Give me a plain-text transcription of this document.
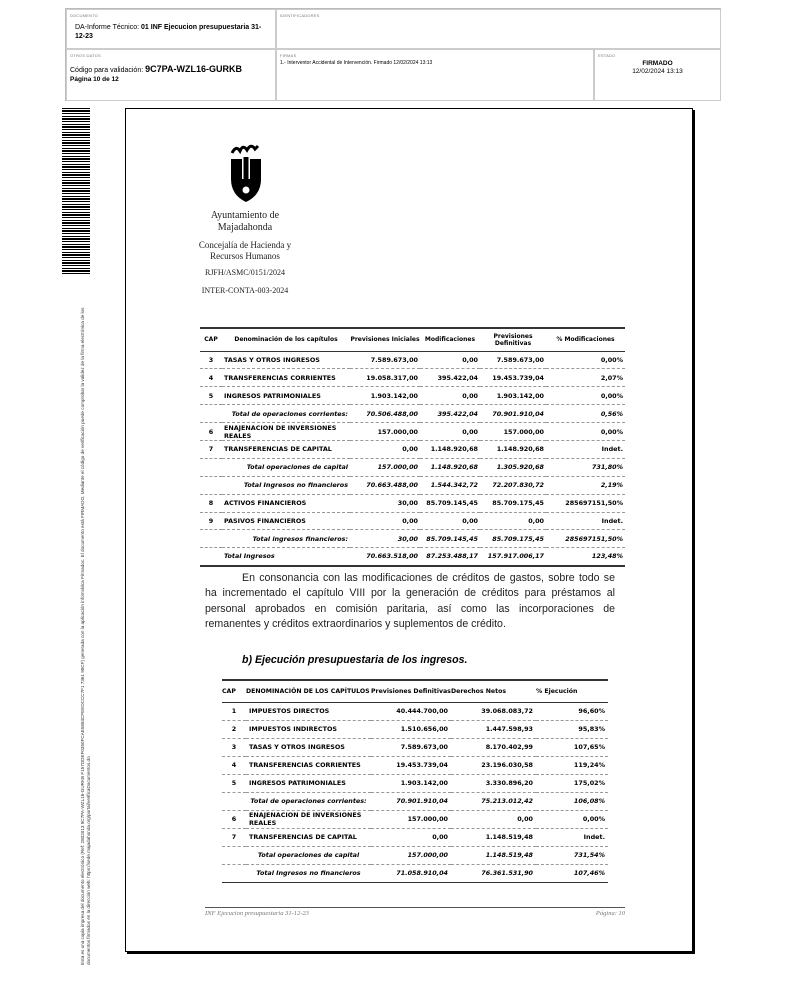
DOCUMENTO
DA-Informe Técnico: 01 INF Ejecucion presupuestaria 31-12-23
IDENTIFICADORES
OTROS DATOS
Código para validación: 9C7PA-WZL16-GURKB
Página 10 de 12
FIRMAS
1.- Interventor Accidental de Intervención. Firmado 12/02/2024 13:13
ESTADO
FIRMADO
12/02/2024 13:13
Esta es una copia impresa del documento electrónico (Ref: 2802013 9C7PA-WZL16-GURKB F157DDEF0350FCAE5884CFEEDCCC7F1 7361 98CF) generada con la aplicación informática Firmadoc. El documento está FIRMADO. Mediante el código de verificación puede comprobar la validez de la firma electrónica de los documentos firmados en la dirección web: https://sede.majadahonda.org/portal/verificaDocumentos.do
Ayuntamiento de
Majadahonda
Concejalía de Hacienda y
Recursos Humanos
RJFH/ASMC/0151/2024
INTER-CONTA-003-2024
CAP	Denominación de los capítulos	Previsiones Iniciales	Modificaciones	Previsiones Definitivas	% Modificaciones
3	TASAS Y OTROS INGRESOS	7.589.673,00	0,00	7.589.673,00	0,00%
4	TRANSFERENCIAS CORRIENTES	19.058.317,00	395.422,04	19.453.739,04	2,07%
5	INGRESOS PATRIMONIALES	1.903.142,00	0,00	1.903.142,00	0,00%
	Total de operaciones corrientes:	70.506.488,00	395.422,04	70.901.910,04	0,56%
6	ENAJENACION DE INVERSIONES REALES	157.000,00	0,00	157.000,00	0,00%
7	TRANSFERENCIAS DE CAPITAL	0,00	1.148.920,68	1.148.920,68	Indet.
	Total operaciones de capital	157.000,00	1.148.920,68	1.305.920,68	731,80%
	Total Ingresos no financieros	70.663.488,00	1.544.342,72	72.207.830,72	2,19%
8	ACTIVOS FINANCIEROS	30,00	85.709.145,45	85.709.175,45	285697151,50%
9	PASIVOS FINANCIEROS	0,00	0,00	0,00	Indet.
	Total ingresos financieros:	30,00	85.709.145,45	85.709.175,45	285697151,50%
	Total Ingresos	70.663.518,00	87.253.488,17	157.917.006,17	123,48%
En consonancia con las modificaciones de créditos de gastos, sobre todo se ha incrementado el capítulo VIII por la generación de créditos para préstamos al personal aprobados en comisión paritaria, así como las incorporaciones de remanentes y créditos extraordinarios y suplementos de crédito.
b) Ejecución presupuestaria de los ingresos.
CAP	DENOMINACIÓN DE LOS CAPÍTULOS	Previsiones Definitivas	Derechos Netos	% Ejecución
1	IMPUESTOS DIRECTOS	40.444.700,00	39.068.083,72	96,60%
2	IMPUESTOS INDIRECTOS	1.510.656,00	1.447.598,93	95,83%
3	TASAS Y OTROS INGRESOS	7.589.673,00	8.170.402,99	107,65%
4	TRANSFERENCIAS CORRIENTES	19.453.739,04	23.196.030,58	119,24%
5	INGRESOS PATRIMONIALES	1.903.142,00	3.330.896,20	175,02%
	Total de operaciones corrientes:	70.901.910,04	75.213.012,42	106,08%
6	ENAJENACION DE INVERSIONES REALES	157.000,00	0,00	0,00%
7	TRANSFERENCIAS DE CAPITAL	0,00	1.148.519,48	Indet.
	Total operaciones de capital	157.000,00	1.148.519,48	731,54%
	Total Ingresos no financieros	71.058.910,04	76.361.531,90	107,46%
INF Ejecucion presupuestaria 31-12-23	Página: 10
